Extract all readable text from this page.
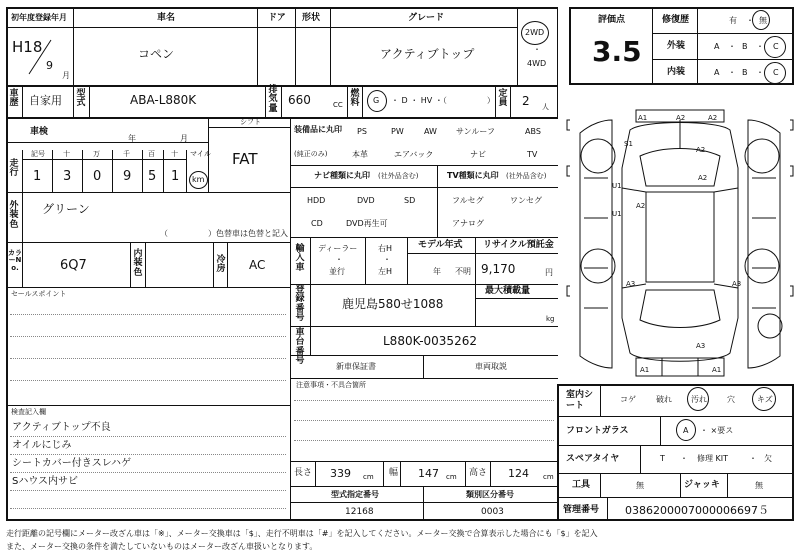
初年度登録年月
H18
9
月
車名
コペン
ドア 形状	グレード
アクティブトップ
2WD
・
4WD
評価点
3.5
修復歴	有 ・ 無
外装	A ・ B ・ C
内装	A ・ B ・ C
車歴 自家用 型式	ABA-L880K
排気量
660	CC
燃料 G ・ D ・ HV ・（　　　　　）
定員 2 人
車検
年	月
シフト
FAT
走行
記号	十	万	千	百 十 マイル
1 3 0 9 5 1 km
装備品に丸印
(純正のみ)
PS	PW	AW サンルーフ	ABS
本革	エアバック	ナビ	TV
ナビ種類に丸印 (社外品含む)
HDD	DVD	SD
CD	DVD再生可
TV種類に丸印 (社外品含む)
フルセグ	ワンセグ
アナログ
外装色
グリーン
（　　　　　）色替車は色替と記入
カラーNo.	6Q7
内装色
冷房 AC
輸入車
ディーラー
・
並行
右H
・
左H
モデル年式
年 不明
リサイクル預託金
9,170	円
セールスポイント	登録番号
鹿児島580せ1088
最大積載量
kg
車台番号
L880K-0035262
新車保証書	車両取説
注意事項・不具合箇所
検査記入欄
アクティブトップ不良
オイルにじみ
シートカバー付きスレハゲ
Sハウス内サビ
長さ 339 cm 幅 147 cm 高さ 124 cm
型式指定番号
12168
類別区分番号
0003
A1	A2	A2
S1
A2
A2
U1
A2
U1
A3	A3
A3
A1	A1
室内シート
コゲ	破れ 汚れ	穴	キズ
フロントガラス	A ・ ×要ス
スペアタイヤ	T ・ 修理 KIT	・ 欠
工具	無	ジャッキ	無
管理番号 0386200007000006697５
走行距離の記号欄にメーター改ざん車は「※」、メーター交換車は「$」、走行不明車は「#」を記入してください。メーター交換で合算表示した場合にも「$」を記入
また、メーター交換の条件を満たしていないものはメーター改ざん車扱いとなります。
